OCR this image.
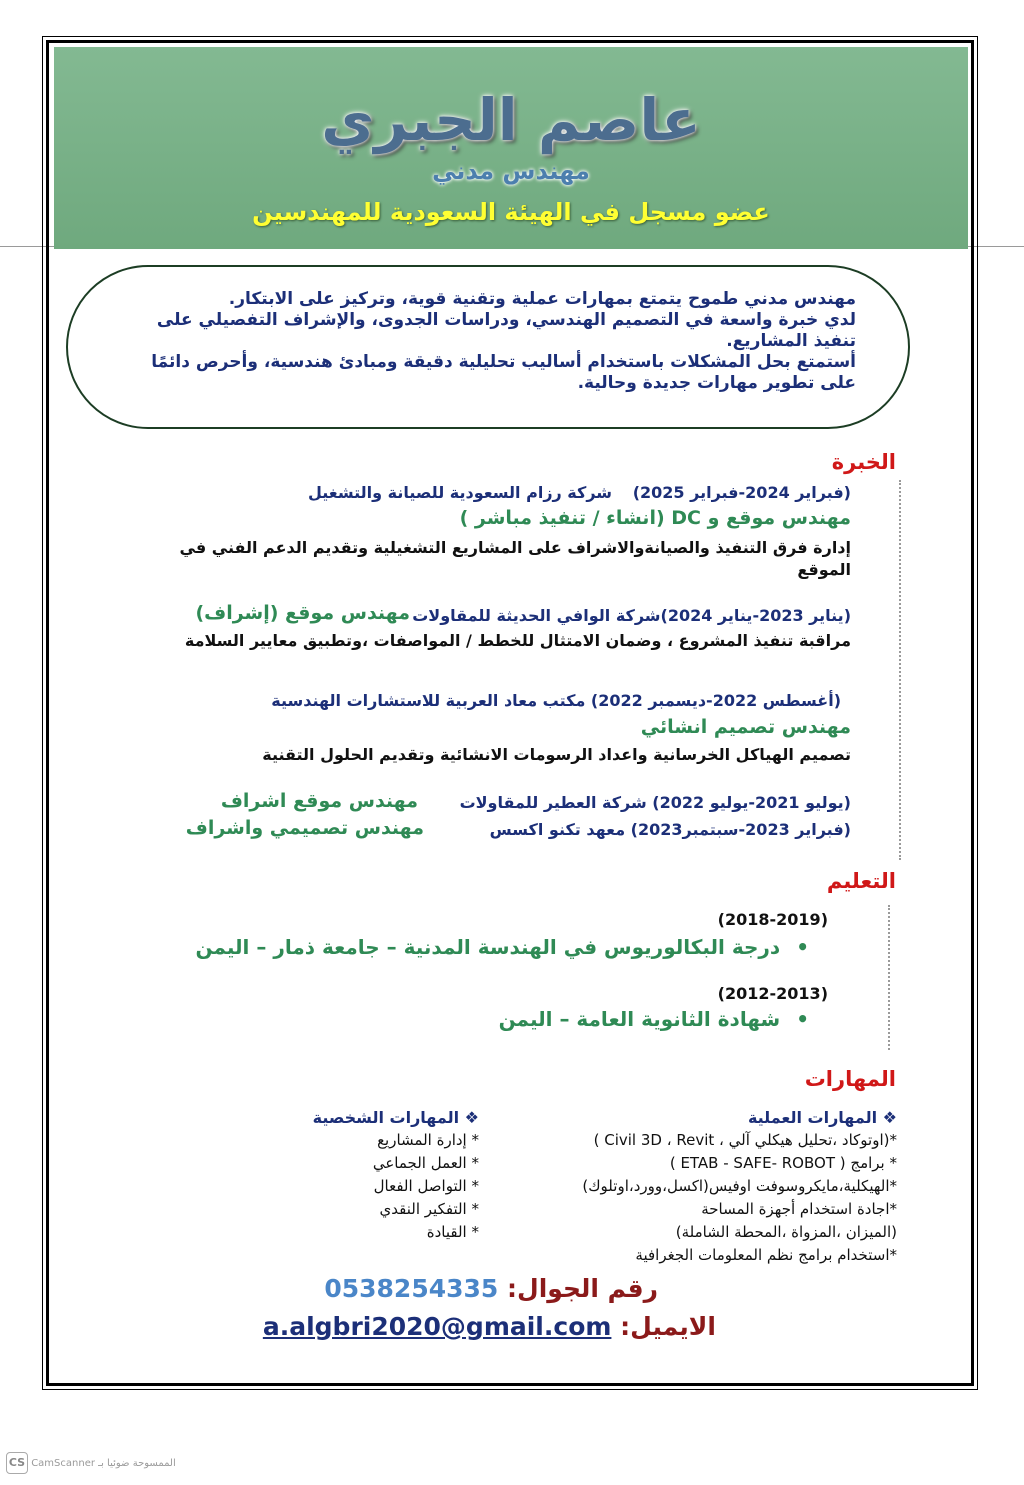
عاصم الجبري
مهندس مدني
عضو مسجل في الهيئة السعودية للمهندسين

مهندس مدني طموح يتمتع بمهارات عملية وتقنية قوية، وتركيز على الابتكار.

لدي خبرة واسعة في التصميم الهندسي، ودراسات الجدوى، والإشراف التفصيلي على تنفيذ المشاريع.

أستمتع بحل المشكلات باستخدام أساليب تحليلية دقيقة ومبادئ هندسية، وأحرص دائمًا على تطوير مهارات جديدة وحالية.

الخبرة
(فبراير 2024-فبراير 2025)
شركة رزام السعودية للصيانة والتشغيل
مهندس موقع و DC (انشاء / تنفيذ مباشر )
إدارة فرق التنفيذ والصيانةوالاشراف على المشاريع التشغيلية وتقديم الدعم الفني في الموقع
(يناير 2023-يناير 2024)شركة الوافي الحديثة للمقاولات
مهندس موقع (إشراف)
مراقبة تنفيذ المشروع ، وضمان الامتثال للخطط / المواصفات ،وتطبيق معايير السلامة
(أغسطس 2022-ديسمبر 2022) مكتب معاد العربية للاستشارات الهندسية
مهندس تصميم انشائي
تصميم الهياكل الخرسانية واعداد الرسومات الانشائية وتقديم الحلول التقنية
(يوليو 2021-يوليو 2022) شركة العطير للمقاولات
مهندس موقع اشراف
(فبراير 2023-سبتمبر2023) معهد تكنو اكسس
مهندس تصميمي واشراف
التعليم
(2018-2019)
•درجة البكالوريوس في الهندسة المدنية – جامعة ذمار – اليمن
(2012-2013)
•شهادة الثانوية العامة – اليمن
المهارات
❖ المهارات العملية
*(اوتوكاد ،تحليل هيكلي آلي ، Civil 3D ، Revit )
* برامج ( ETAB - SAFE- ROBOT )
*الهيكلية،مايكروسوفت اوفيس(اكسل،وورد،اوتلوك)
*اجادة استخدام أجهزة المساحة
(الميزان ،المزواة ،المحطة الشاملة)
*استخدام برامج نظم المعلومات الجغرافية
❖ المهارات الشخصية
* إدارة المشاريع
* العمل الجماعي
* التواصل الفعال
* التفكير النقدي
* القيادة
رقم الجوال: 0538254335
الايميل: a.algbri2020@gmail.com
CS CamScanner الممسوحة ضوئيا بـ
